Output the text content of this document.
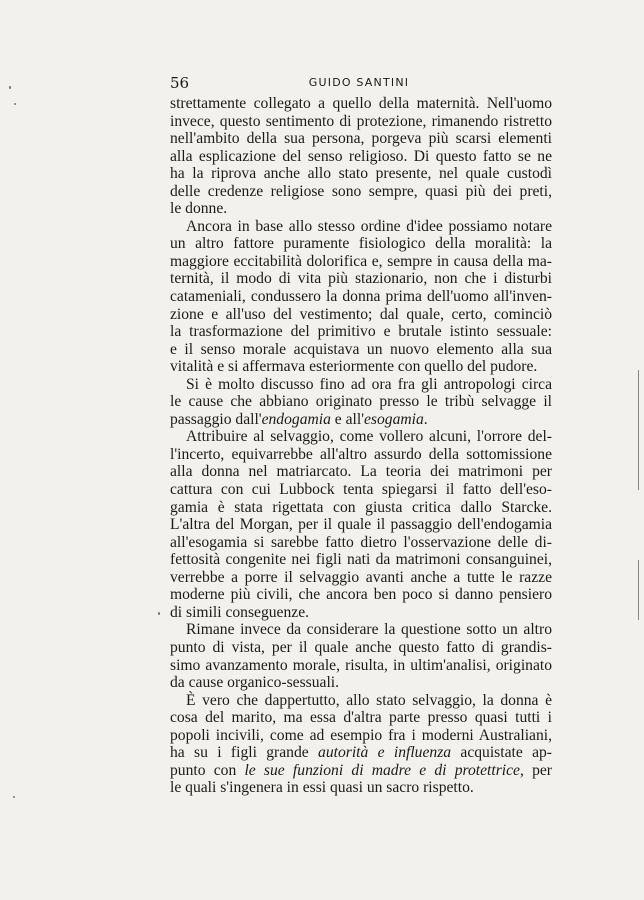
56	GUIDO SANTINI
strettamente collegato a quello della maternità. Nell'uomo
invece, questo sentimento di protezione, rimanendo ristretto
nell'ambito della sua persona, porgeva più scarsi elementi
alla esplicazione del senso religioso. Di questo fatto se ne
ha la riprova anche allo stato presente, nel quale custodì
delle credenze religiose sono sempre, quasi più dei preti,
le donne.
Ancora in base allo stesso ordine d'idee possiamo notare
un altro fattore puramente fisiologico della moralità: la
maggiore eccitabilità dolorifica e, sempre in causa della ma-
ternità, il modo di vita più stazionario, non che i disturbi
catameniali, condussero la donna prima dell'uomo all'inven-
zione e all'uso del vestimento; dal quale, certo, cominciò
la trasformazione del primitivo e brutale istinto sessuale:
e il senso morale acquistava un nuovo elemento alla sua
vitalità e si affermava esteriormente con quello del pudore.
Si è molto discusso fino ad ora fra gli antropologi circa
le cause che abbiano originato presso le tribù selvagge il
passaggio dall'endogamia e all'esogamia.
Attribuire al selvaggio, come vollero alcuni, l'orrore del-
l'incerto, equivarrebbe all'altro assurdo della sottomissione
alla donna nel matriarcato. La teoria dei matrimoni per
cattura con cui Lubbock tenta spiegarsi il fatto dell'eso-
gamia è stata rigettata con giusta critica dallo Starcke.
L'altra del Morgan, per il quale il passaggio dell'endogamia
all'esogamia si sarebbe fatto dietro l'osservazione delle di-
fettosità congenite nei figli nati da matrimoni consanguinei,
verrebbe a porre il selvaggio avanti anche a tutte le razze
moderne più civili, che ancora ben poco si danno pensiero
di simili conseguenze.
Rimane invece da considerare la questione sotto un altro
punto di vista, per il quale anche questo fatto di grandis-
simo avanzamento morale, risulta, in ultim'analisi, originato
da cause organico-sessuali.
È vero che dappertutto, allo stato selvaggio, la donna è
cosa del marito, ma essa d'altra parte presso quasi tutti i
popoli incivili, come ad esempio fra i moderni Australiani,
ha su i figli grande autorità e influenza acquistate ap-
punto con le sue funzioni di madre e di protettrice, per
le quali s'ingenera in essi quasi un sacro rispetto.
